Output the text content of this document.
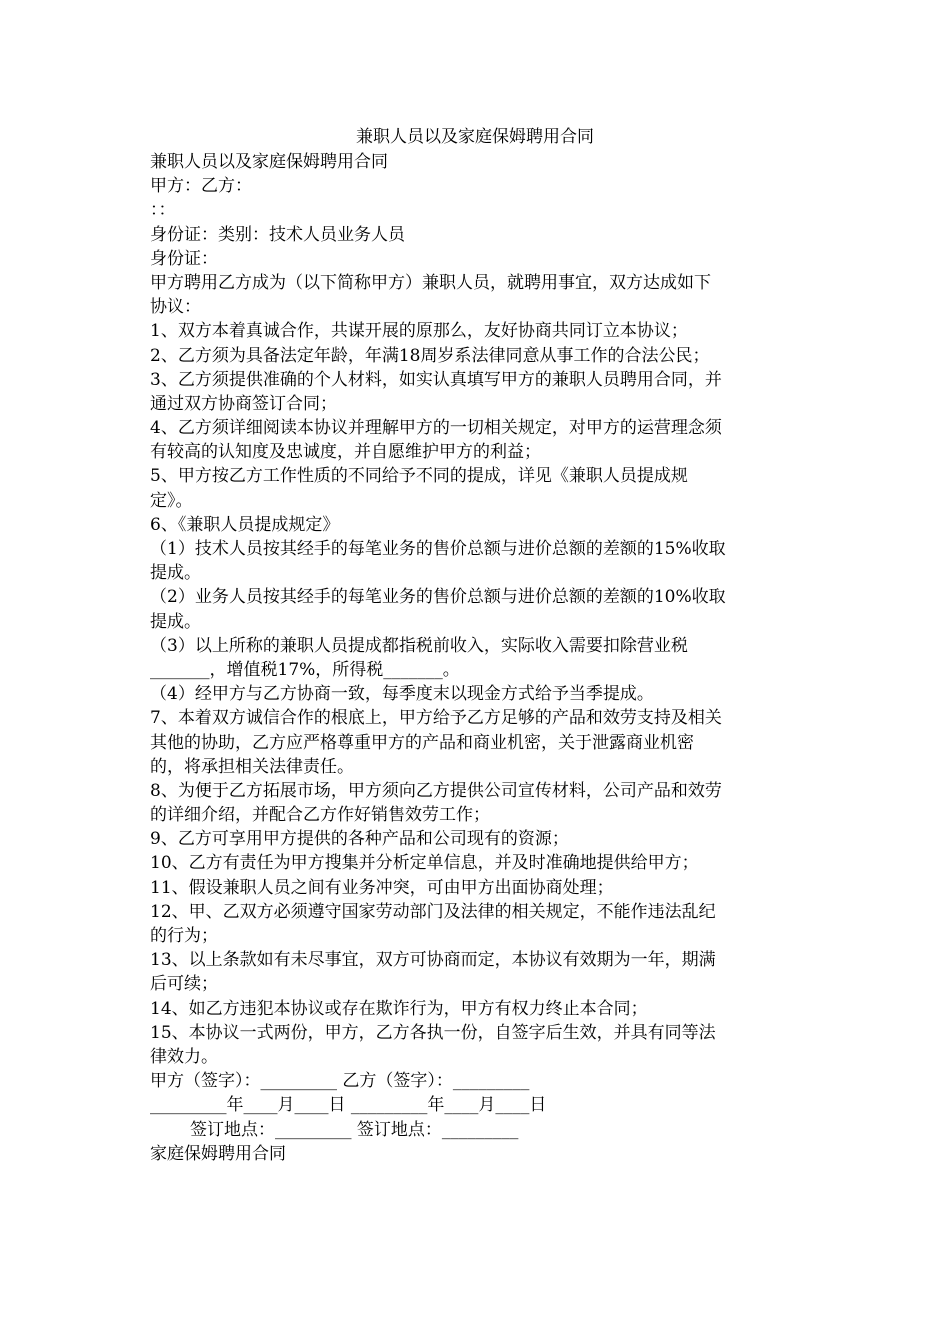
兼职人员以及家庭保姆聘用合同
兼职人员以及家庭保姆聘用合同
甲方：乙方：
：：
身份证：类别：技术人员业务人员
身份证：
甲方聘用乙方成为（以下简称甲方）兼职人员，就聘用事宜，双方达成如下
协议：
1、双方本着真诚合作，共谋开展的原那么，友好协商共同订立本协议；
2、乙方须为具备法定年龄，年满18周岁系法律同意从事工作的合法公民；
3、乙方须提供准确的个人材料，如实认真填写甲方的兼职人员聘用合同，并
通过双方协商签订合同；
4、乙方须详细阅读本协议并理解甲方的一切相关规定，对甲方的运营理念须
有较高的认知度及忠诚度，并自愿维护甲方的利益；
5、甲方按乙方工作性质的不同给予不同的提成，详见《兼职人员提成规
定》。
6、《兼职人员提成规定》
（1）技术人员按其经手的每笔业务的售价总额与进价总额的差额的15%收取
提成。
（2）业务人员按其经手的每笔业务的售价总额与进价总额的差额的10%收取
提成。
（3）以上所称的兼职人员提成都指税前收入，实际收入需要扣除营业税
_______，增值税17%，所得税_______。
（4）经甲方与乙方协商一致，每季度末以现金方式给予当季提成。
7、本着双方诚信合作的根底上，甲方给予乙方足够的产品和效劳支持及相关
其他的协助，乙方应严格尊重甲方的产品和商业机密，关于泄露商业机密
的，将承担相关法律责任。
8、为便于乙方拓展市场，甲方须向乙方提供公司宣传材料，公司产品和效劳
的详细介绍，并配合乙方作好销售效劳工作；
9、乙方可享用甲方提供的各种产品和公司现有的资源；
10、乙方有责任为甲方搜集并分析定单信息，并及时准确地提供给甲方；
11、假设兼职人员之间有业务冲突，可由甲方出面协商处理；
12、甲、乙双方必须遵守国家劳动部门及法律的相关规定，不能作违法乱纪
的行为；
13、以上条款如有未尽事宜，双方可协商而定，本协议有效期为一年，期满
后可续；
14、如乙方违犯本协议或存在欺诈行为，甲方有权力终止本合同；
15、本协议一式两份，甲方，乙方各执一份，自签字后生效，并具有同等法
律效力。
甲方（签字）：_________ 乙方（签字）：_________
_________年____月____日 _________年____月____日
签订地点：_________ 签订地点：_________
家庭保姆聘用合同
